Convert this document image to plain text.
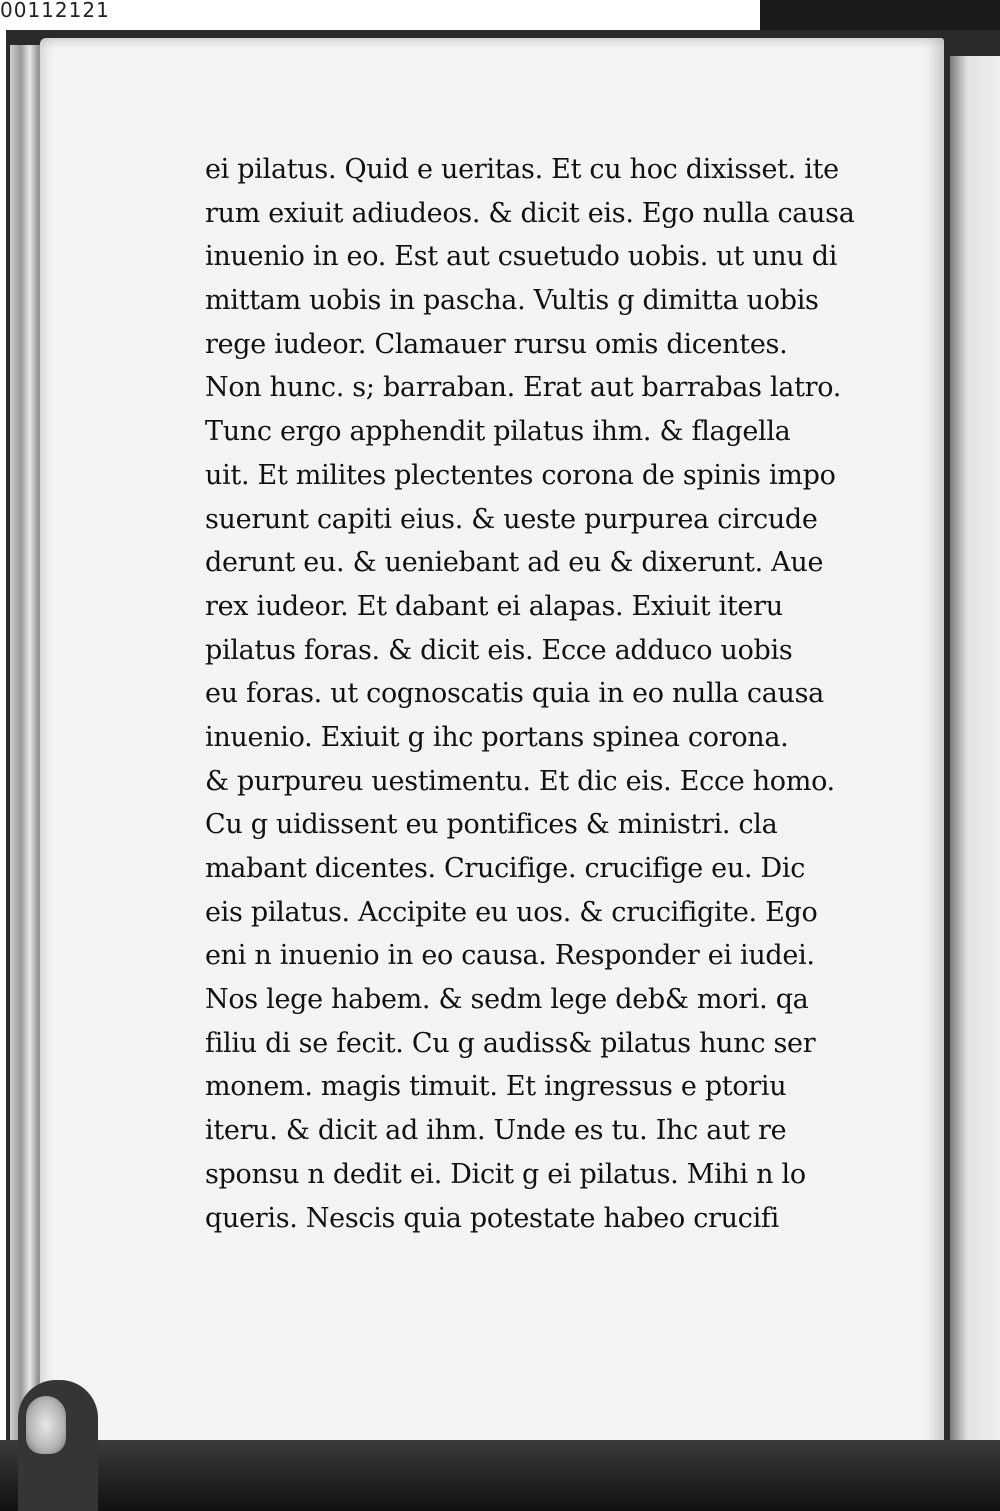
00112121
ei pilatus. Quid e ueritas. Et cu hoc dixisset. ite
rum exiuit adiudeos. & dicit eis. Ego nulla causa
inuenio in eo. Est aut csuetudo uobis. ut unu di
mittam uobis in pascha. Vultis g dimitta uobis
rege iudeor. Clamauer rursu omis dicentes.
Non hunc. s; barraban. Erat aut barrabas latro.
Tunc ergo apphendit pilatus ihm. & flagella
uit. Et milites plectentes corona de spinis impo
suerunt capiti eius. & ueste purpurea circude
derunt eu. & ueniebant ad eu & dixerunt. Aue
rex iudeor. Et dabant ei alapas. Exiuit iteru
pilatus foras. & dicit eis. Ecce adduco uobis
eu foras. ut cognoscatis quia in eo nulla causa
inuenio. Exiuit g ihc portans spinea corona.
& purpureu uestimentu. Et dic eis. Ecce homo.
Cu g uidissent eu pontifices & ministri. cla
mabant dicentes. Crucifige. crucifige eu. Dic
eis pilatus. Accipite eu uos. & crucifigite. Ego
eni n inuenio in eo causa. Responder ei iudei.
Nos lege habem. & sedm lege deb& mori. qa
filiu di se fecit. Cu g audiss& pilatus hunc ser
monem. magis timuit. Et ingressus e ptoriu
iteru. & dicit ad ihm. Unde es tu. Ihc aut re
sponsu n dedit ei. Dicit g ei pilatus. Mihi n lo
queris. Nescis quia potestate habeo crucifi
